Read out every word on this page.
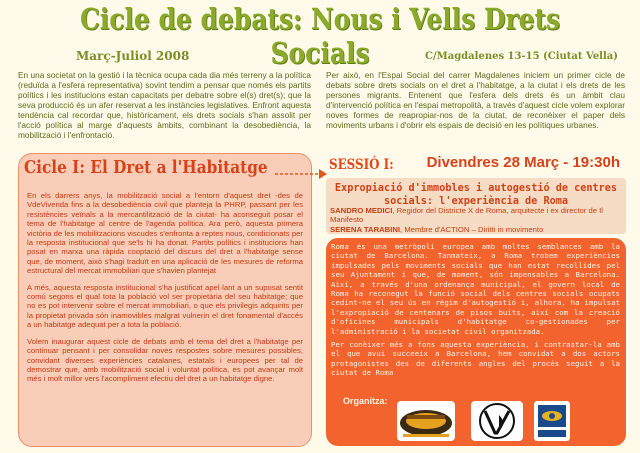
Cicle de debats: Nous i Vells Drets Socials
Març-Juliol 2008	C/Magdalenes 13-15 (Ciutat Vella)
En una societat on la gestió i la tècnica ocupa cada dia més terreny a la política (reduïda a l'esfera representativa) sovint tendim a pensar que només els partits polítics i les institucions estan capacitats per debatre sobre el(s) dret(s); que la seva producció és un afer reservat a les instàncies legislatives. Enfront aquesta tendència cal recordar que, històricament, els drets socials s'han assolit per l'acció política al marge d'aquests àmbits, combinant la desobediència, la mobilització i l'enfrontació.
Per això, en l'Espai Social del carrer Magdalenes iniciem un primer cicle de debats sobre drets socials on el dret a l'habitatge, a la ciutat i els drets de les persones migrants. Entenent que l'esfera dels drets és un àmbit clau d'intervenció política en l'espai metropolità, a través d'aquest cicle volem explorar noves formes de reapropiar-nos de la ciutat, de reconèixer el paper dels moviments urbans i d'obrir els espais de decisió en les polítiques urbanes.
Cicle I: El Dret a l'Habitatge

En els darrers anys, la mobilització social a l'entorn d'aquest dret -des de VdeVivenda fins a la desobediència civil que planteja la PHRP, passant per les resistències veïnals a la mercantilització de la ciutat- ha aconseguit posar el tema de l'habitatge al centre de l'agenda política. Ara però, aquesta primera victòria de les mobilitzacions viscudes s'enfronta a reptes nous, condicionats per la resposta institucional que se'ls hi ha donat. Partits polítics i institucions han posat en marxa una ràpida cooptació del discurs del dret a l'habitatge sense que, de moment, això s'hagi traduït en una aplicació de les mesures de reforma estructural del mercat immobiliari que s'havien plantejat

A més, aquesta resposta institucional s'ha justificat apel·lant a un suposat sentit comú segons el qual tota la població vol ser propietària del seu habitatge; que no es pot intervenir sobre el mercat immobiliari, o que els privilegis adquirits per la propietat privada són inamovibles malgrat vulnerin el dret fonamental d'accés a un habitatge adequat per a tota la població.

Volem inaugurar aquest cicle de debats amb el tema del dret a l'habitatge per continuar pensant i per consolidar noves respostes sobre mesures possibles, convidant diverses experiències catalanes, estatals i europees per tal de demostrar que, amb mobilització social i voluntat política, es pot avançar molt més i molt millor vers l'acompliment efectiu del dret a un habitatge digne.

SESSIÓ I: Divendres 28 Març - 19:30h
Expropiació d'immobles i autogestió de centres socials: l'experiència de Roma
SANDRO MEDICI, Regidor del Districte X de Roma, arquitecte i ex director de Il Manifesto
SERENA TARABINI, Membre d'ACTION – Diritti in movimento

Roma és una metròpoli europea amb moltes semblances amb la ciutat de Barcelona. Tanmateix, a Roma trobem experiències impulsades pels moviments socials que han estat recollides pel seu Ajuntament i que, de moment, són impensables a Barcelona. Així, a través d'una ordenança municipal, el govern local de Roma ha reconegut la funció social dels centres socials ocupats cedint-ne el seu ús en règim d'autogestió i, alhora, ha impulsat l'expropiació de centenars de pisos buits, així com la creació d'oficines municipals d'habitatge co-gestionades per l'administració i la societat civil organitzada.

Per conèixer més a fons aquesta experiència, i contrastar-la amb el que avui succeeix a Barcelona, hem convidat a dos actors protagonistes des de diferents angles del procés seguit a la ciutat de Roma

Organitza:
